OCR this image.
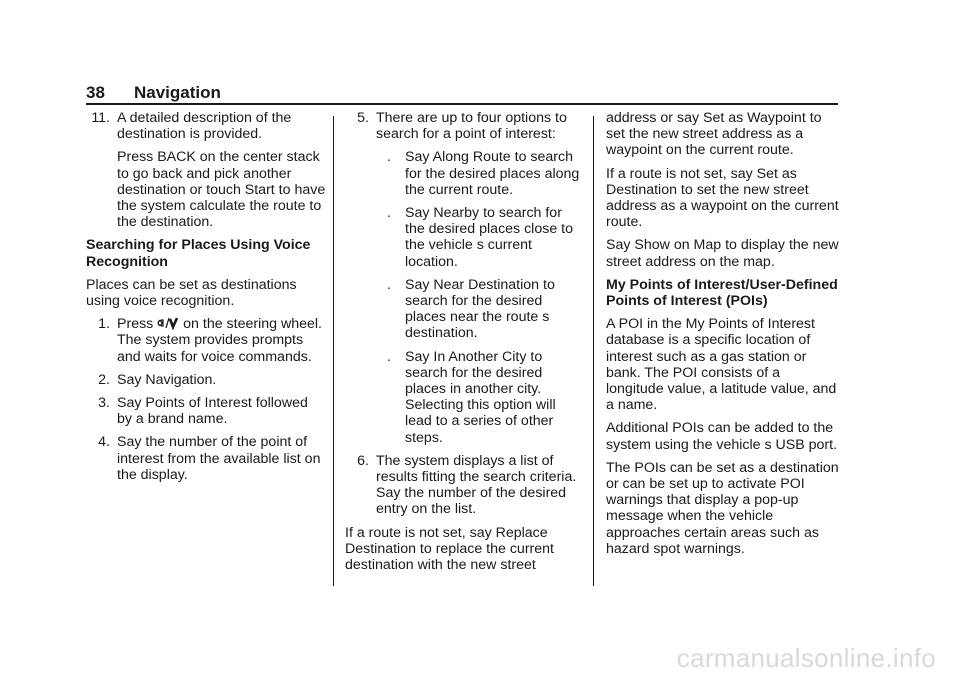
38 Navigation
11. A detailed description of the destination is provided.

Press BACK on the center stack to go back and pick another destination or touch Start to have the system calculate the route to the destination.

Searching for Places Using Voice Recognition

Places can be set as destinations using voice recognition.

1. Press on the steering wheel. The system provides prompts and waits for voice commands.
2. Say Navigation.
3. Say Points of Interest followed by a brand name.
4. Say the number of the point of interest from the available list on the display.
5. There are up to four options to search for a point of interest:
. Say Along Route to search for the desired places along the current route.
. Say Nearby to search for the desired places close to the vehicle s current location.
. Say Near Destination to search for the desired places near the route s destination.
. Say In Another City to search for the desired places in another city. Selecting this option will lead to a series of other steps.
6. The system displays a list of results fitting the search criteria. Say the number of the desired entry on the list.

If a route is not set, say Replace Destination to replace the current destination with the new street

address or say Set as Waypoint to set the new street address as a waypoint on the current route.

If a route is not set, say Set as Destination to set the new street address as a waypoint on the current route.

Say Show on Map to display the new street address on the map.

My Points of Interest/User-Defined Points of Interest (POIs)

A POI in the My Points of Interest database is a specific location of interest such as a gas station or bank. The POI consists of a longitude value, a latitude value, and a name.

Additional POIs can be added to the system using the vehicle s USB port.

The POIs can be set as a destination or can be set up to activate POI warnings that display a pop-up message when the vehicle approaches certain areas such as hazard spot warnings.

carmanualsonline.info
